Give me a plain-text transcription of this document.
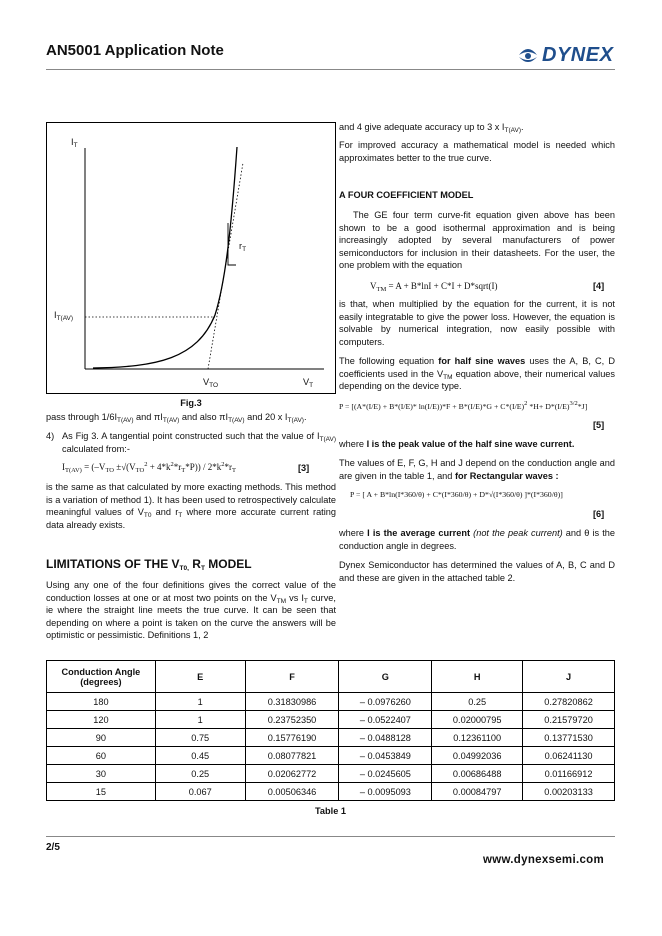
AN5001 Application Note	DYNEX
$I_T$
$I_{T(AV)}$
$r_T$
$V_{TO}$	$V_T$
Fig.3
pass through $1/6I_{T(AV)}$ and $\pi I_{T(AV)}$ and also $\pi I_{T(AV)}$ and 20 x $I_{T(AV)}$.
4) As Fig 3. A tangential point constructed such that the value of $I_{T(AV)}$ calculated from:-
$I_{T(AV)} = (-V_{TO} \pm√(V_{TO}^2 + 4*k^2*r_T*P)) / 2*k^2*r_T$	[3]
is the same as that calculated by more exacting methods. This method is a variation of method 1). It has been used to retrospectively calculate meaningful values of $V_{T0}$ and $r_T$ where more accurate current rating data already exists.
LIMITATIONS OF THE $V_{T0,}$ $R_T$ MODEL
Using any one of the four definitions gives the correct value of the conduction losses at one or at most two points on the $V_{TM}$ vs $I_T$ curve, ie where the straight line meets the true curve. It can be seen that depending on where a point is taken on the curve the answers will be optimistic or pessimistic. Definitions 1, 2
and 4 give adequate accuracy up to 3 x $I_{T(AV)}$.
For improved accuracy a mathematical model is needed which approximates better to the true curve.
A FOUR COEFFICIENT MODEL
The GE four term curve-fit equation given above has been shown to be a good isothermal approximation and is being increasingly adopted by several manufacturers of power semiconductors for inclusion in their datasheets. For the user, the one problem with the equation
$V_{TM} = A + B*\ln I + C*I$ + D*sqrt(I)	[4]
is that, when multiplied by the equation for the current, it is not easily integratable to give the power loss. However, the equation is solvable by numerical integration, now easily possible with computers.
The following equation for half sine waves uses the A, B, C, D coefficients used in the $V_{TM}$ equation above, their numerical values depending on the device type.
P = [(A*(I/E) + B*(I/E)* $\ln(I/E))*F + B*(I/E)*G + C*(I/E)^2$ $*H+ D*(I/E)^{3/2}*J$]
[5]
where I is the peak value of the half sine wave current.
The values of E, F, G, H and J depend on the conduction angle and are given in the table 1, and for Rectangular waves :
P = [ A + B*ln(I*360/θ) + C*(I*360/θ) + D*√(I*360/θ) ]*(I*360/θ)]
[6]
where I is the average current (not the peak current) and θ is the conduction angle in degrees.
Dynex Semiconductor has determined the values of A, B, C and D and these are given in the attached table 2.
Conduction Angle (degrees)	E	F	G	H	J
180	1	0.31830986	– 0.0976260	0.25	0.27820862
120	1	0.23752350	– 0.0522407	0.02000795	0.21579720
90	0.75	0.15776190	– 0.0488128	0.12361100	0.13771530
60	0.45	0.08077821	– 0.0453849	0.04992036	0.06241130
30	0.25	0.02062772	– 0.0245605	0.00686488	0.01166912
15	0.067	0.00506346	– 0.0095093	0.00084797	0.00203133
Table 1
2/5
www.dynexsemi.com
